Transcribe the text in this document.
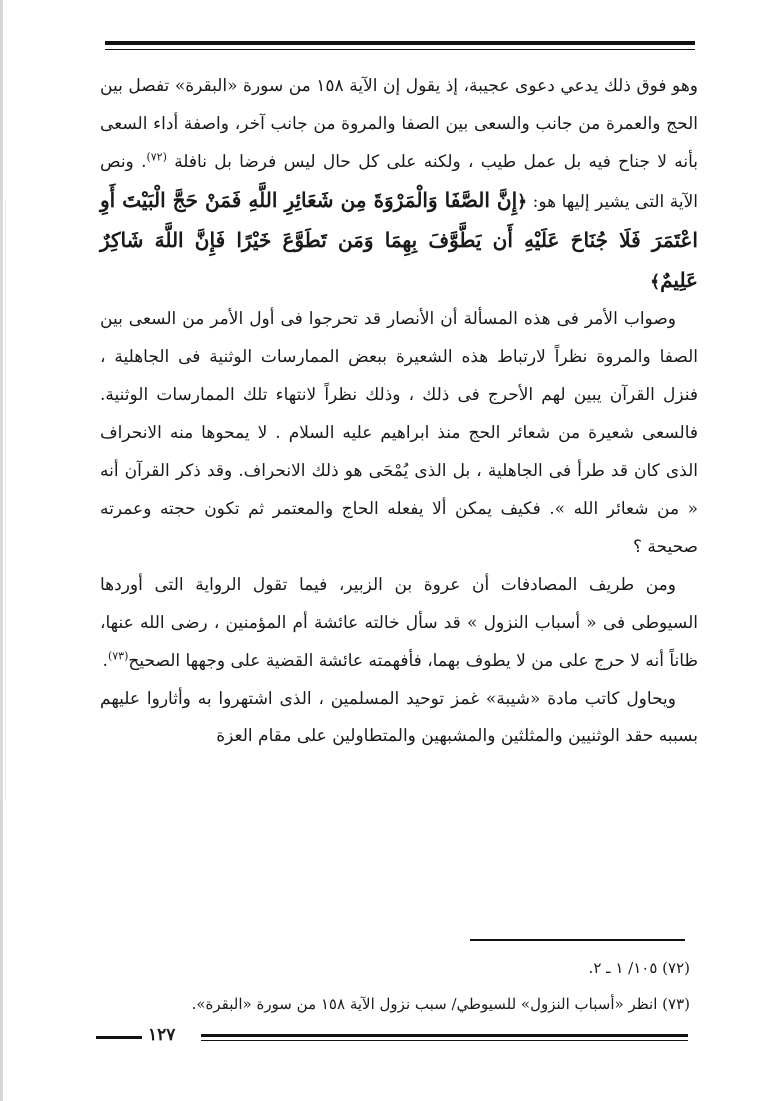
وهو فوق ذلك يدعي دعوى عجيبة، إذ يقول إن الآية ١٥٨ من سورة «البقرة» تفصل بين الحج والعمرة من جانب والسعى بين الصفا والمروة من جانب آخر، واصفة أداء السعى بأنه لا جناح فيه بل عمل طيب ، ولكنه على كل حال ليس فرضا بل نافلة $^{(٧٢)}$. ونص الآية التى يشير إليها هو: ﴿إِنَّ الصَّفَا وَالْمَرْوَةَ مِن شَعَائِرِ اللَّهِ فَمَنْ حَجَّ الْبَيْتَ أَوِ اعْتَمَرَ فَلَا جُنَاحَ عَلَيْهِ أَن يَطَّوَّفَ بِهِمَا وَمَن تَطَوَّعَ خَيْرًا فَإِنَّ اللَّهَ شَاكِرٌ عَلِيمٌ﴾

وصواب الأمر فى هذه المسألة أن الأنصار قد تحرجوا فى أول الأمر من السعى بين الصفا والمروة نظراً لارتباط هذه الشعيرة ببعض الممارسات الوثنية فى الجاهلية ، فنزل القرآن يبين لهم الأحرج فى ذلك ، وذلك نظراً لانتهاء تلك الممارسات الوثنية. فالسعى شعيرة من شعائر الحج منذ ابراهيم عليه السلام . لا يمحوها منه الانحراف الذى كان قد طرأ فى الجاهلية ، بل الذى يُمْحَى هو ذلك الانحراف. وقد ذكر القرآن أنه « من شعائر الله ». فكيف يمكن ألا يفعله الحاج والمعتمر ثم تكون حجته وعمرته صحيحة ؟

ومن طريف المصادفات أن عروة بن الزبير، فيما تقول الرواية التى أوردها السيوطى فى « أسباب النزول » قد سأل خالته عائشة أم المؤمنين ، رضى الله عنها، ظاناً أنه لا حرج على من لا يطوف بهما، فأفهمته عائشة القضية على وجهها الصحيح$^{(٧٣)}$.

ويحاول كاتب مادة «شيبة» غمز توحيد المسلمين ، الذى اشتهروا به وأثاروا عليهم بسببه حقد الوثنيين والمثلثين والمشبهين والمتطاولين على مقام العزة

(٧٢) ١٠٥/ ١ ـ ٢.

(٧٣) انظر «أسباب النزول» للسيوطي/ سبب نزول الآية ١٥٨ من سورة «البقرة».

١٢٧
